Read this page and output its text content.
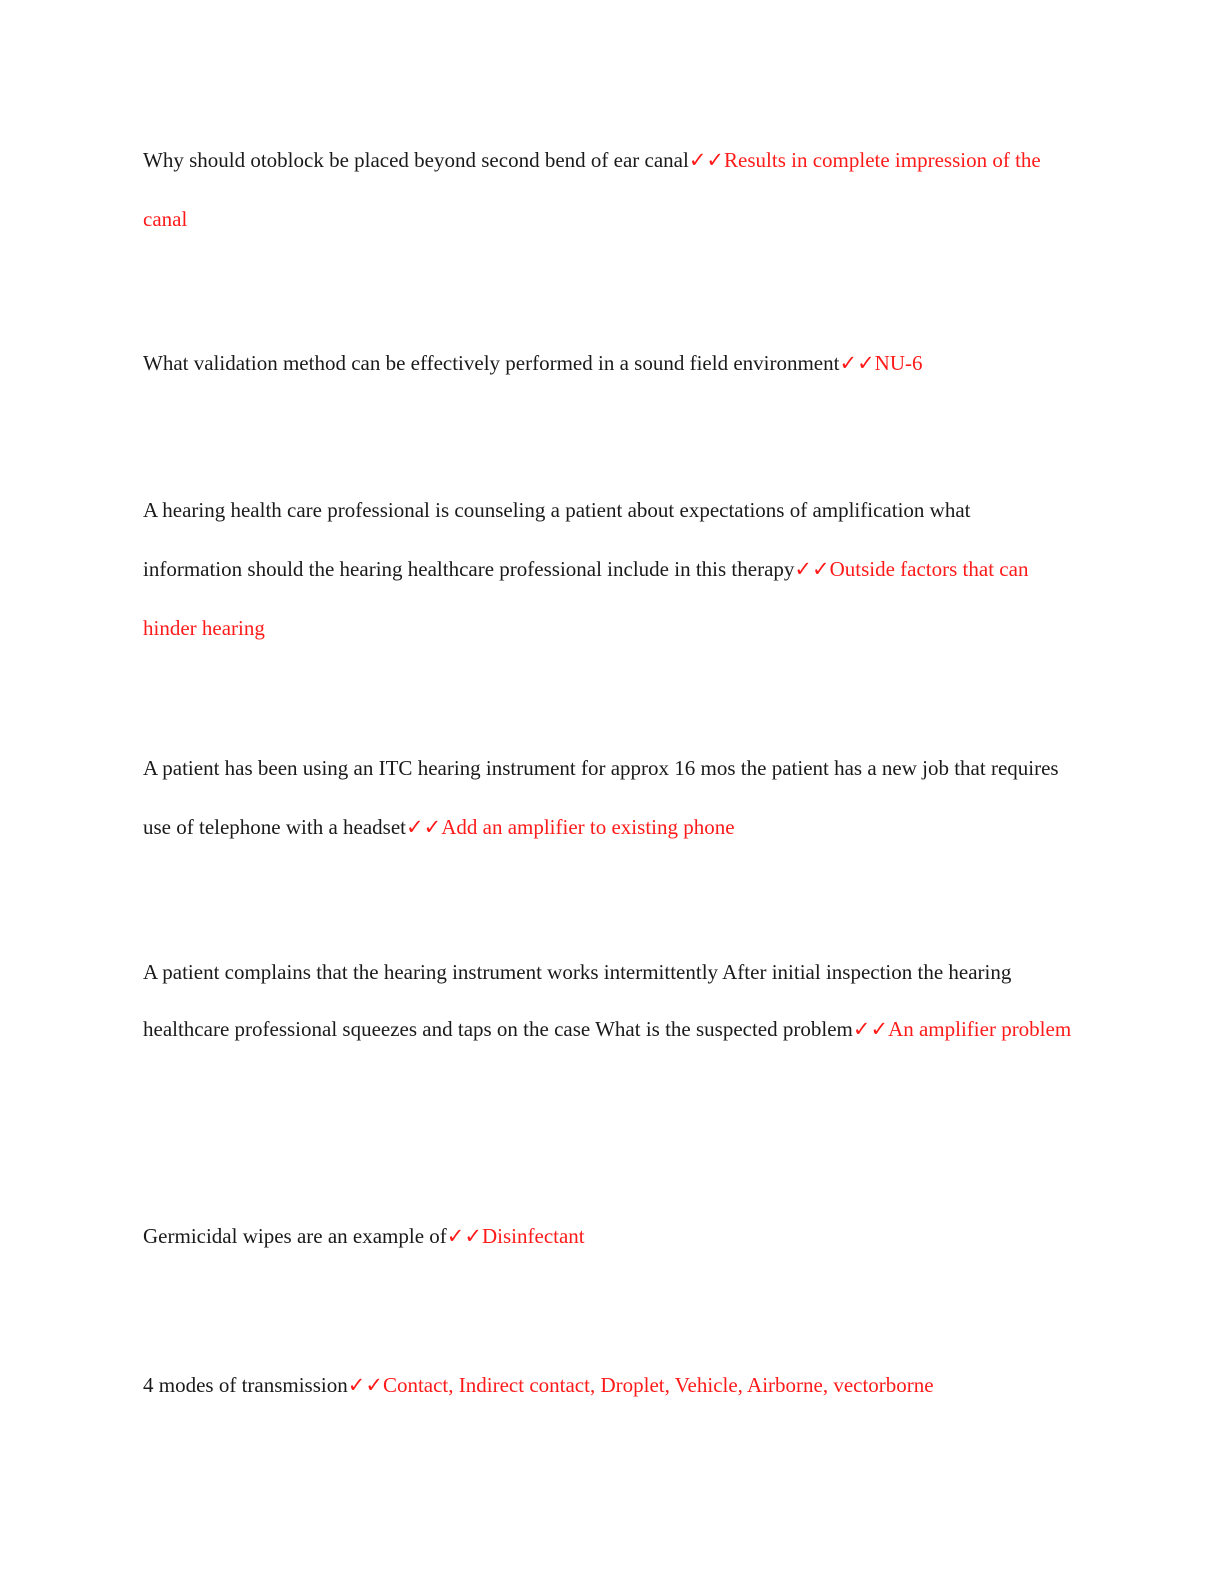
Why should otoblock be placed beyond second bend of ear canal✓✓Results in complete impression of the canal

What validation method can be effectively performed in a sound field environment✓✓NU-6

A hearing health care professional is counseling a patient about expectations of amplification what information should the hearing healthcare professional include in this therapy✓✓Outside factors that can hinder hearing

A patient has been using an ITC hearing instrument for approx 16 mos the patient has a new job that requires use of telephone with a headset✓✓Add an amplifier to existing phone

A patient complains that the hearing instrument works intermittently After initial inspection the hearing healthcare professional squeezes and taps on the case What is the suspected problem✓✓An amplifier problem

Germicidal wipes are an example of✓✓Disinfectant

4 modes of transmission✓✓Contact, Indirect contact, Droplet, Vehicle, Airborne, vectorborne
